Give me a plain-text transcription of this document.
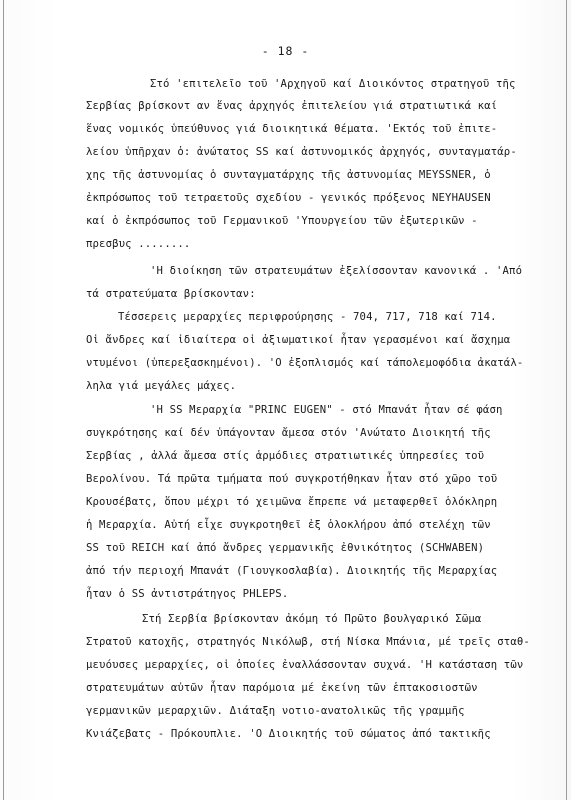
- 18 -
Στό 'επιτελεῖο τοῦ 'Αρχηγοῦ καί Διοικόντος στρατηγοῦ τῆς
Σερβίας βρίσκοντ αν ἕνας ἀρχηγός ἐπιτελείου γιά στρατιωτικά καί
ἕνας νομικός ὑπεύθυνος γιά διοικητικά θέματα. 'Εκτός τοῦ ἐπιτε-
λείου ὑπῆρχαν ὁ: ἀνώτατος SS καί ἀστυνομικός ἀρχηγός, συνταγματάρ-
χης τῆς ἀστυνομίας ὁ συνταγματάρχης τῆς ἀστυνομίας MEYSSNER, ὁ
ἐκπρόσωπος τοῦ τετραετοῦς σχεδίου - γενικός πρόξενος NEYHAUSEN
καί ὁ ἐκπρόσωπος τοῦ Γερμανικοῦ 'Υπουργείου τῶν ἐξωτερικῶν -
πρεσβυς ........
'Η διοίκηση τῶν στρατευμάτων ἐξελίσσονταν κανονικά . 'Από
τά στρατεύματα βρίσκονταν:
Τέσσερεις μεραρχίες περιφρούρησης - 704, 717, 718 καί 714.
Οἱ ἄνδρες καί ἰδιαίτερα οἱ ἀξιωματικοί ἦταν γερασμένοι καί ἄσχημα
ντυμένοι (ὑπερεξασκημένοι). 'Ο ἐξοπλισμός καί τάπολεμοφόδια ἀκατάλ-
ληλα γιά μεγάλες μάχες.
'Η SS Μεραρχία "PRINC EUGEN" - στό Μπανάτ ἦταν σέ φάση
συγκρότησης καί δέν ὑπάγονταν ἄμεσα στόν 'Ανώτατο Διοικητή τῆς
Σερβίας , ἀλλά ἄμεσα στίς ἁρμόδιες στρατιωτικές ὑπηρεσίες τοῦ
Βερολίνου. Τά πρῶτα τμήματα πού συγκροτήθηκαν ἦταν στό χῶρο τοῦ
Κρουσέβατς, ὅπου μέχρι τό χειμῶνα ἔπρεπε νά μεταφερθεῖ ὁλόκληρη
ἡ Μεραρχία. Αὐτή εἶχε συγκροτηθεῖ ἐξ ὁλοκλήρου ἀπό στελέχη τῶν
SS τοῦ REICH καί ἀπό ἄνδρες γερμανικῆς ἐθνικότητος (SCHWABEN)
ἀπό τήν περιοχή Μπανάτ (Γιουγκοσλαβία). Διοικητής τῆς Μεραρχίας
ἦταν ὁ SS ἀντιστράτηγος PHLEPS.
Στή Σερβία βρίσκονταν ἀκόμη τό Πρῶτο βουλγαρικό Σῶμα
Στρατοῦ κατοχῆς, στρατηγός Νικόλωβ, στή Νίσκα Μπάνια, μέ τρεῖς σταθ-
μευόυσες μεραρχίες, οἱ ὁποίες ἐναλλάσσονταν συχνά. 'Η κατάσταση τῶν
στρατευμάτων αὐτῶν ἦταν παρόμοια μέ ἐκείνη τῶν ἑπτακοσιοστῶν
γερμανικῶν μεραρχιῶν. Διάταξη νοτιο-ανατολικῶς τῆς γραμμῆς
Κνιάζεβατς - Πρόκουπλιε. 'Ο Διοικητής τοῦ σώματος ἀπό τακτικῆς
